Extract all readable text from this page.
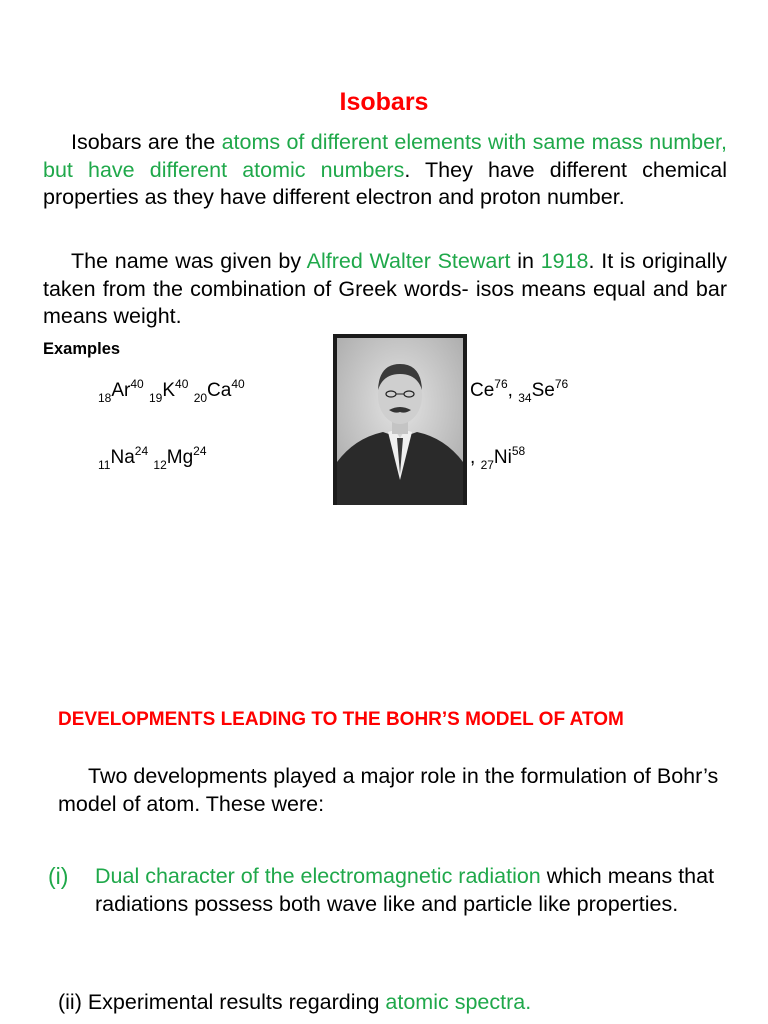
Isobars
Isobars are the atoms of different elements with same mass number, but have different atomic numbers. They have different chemical properties as they have different electron and proton number.
The name was given by Alfred Walter Stewart in 1918. It is originally taken from the combination of Greek words- isos means equal and bar means weight.
Examples
$_{18}Ar^{40}$ $_{19}K^{40}$ $_{20}Ca^{40}$
$_{11}Na^{24}$ $_{12}Mg^{24}$
Ce$^{76}$, $_{34}Se^{76}$
, $_{27}Ni^{58}$
DEVELOPMENTS LEADING TO THE BOHR’S MODEL OF ATOM
Two developments played a major role in the formulation of Bohr’s model of atom. These were:
(i) Dual character of the electromagnetic radiation which means that radiations possess both wave like and particle like properties.
(ii) Experimental results regarding atomic spectra.
